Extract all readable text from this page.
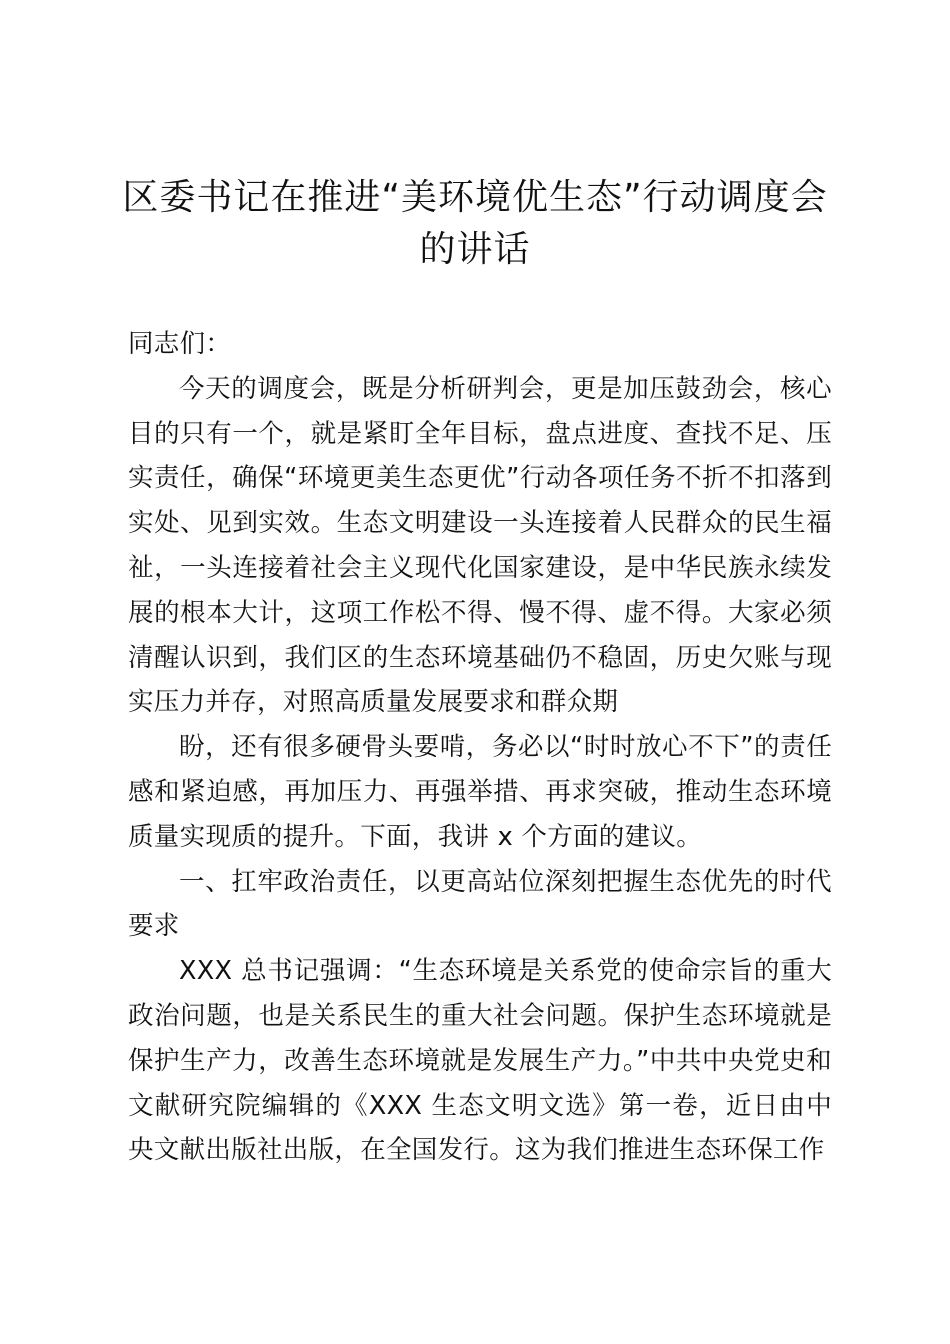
区委书记在推进“美环境优生态”行动调度会的讲话

同志们：

今天的调度会，既是分析研判会，更是加压鼓劲会，核心目的只有一个，就是紧盯全年目标，盘点进度、查找不足、压实责任，确保“环境更美生态更优”行动各项任务不折不扣落到实处、见到实效。生态文明建设一头连接着人民群众的民生福祉，一头连接着社会主义现代化国家建设，是中华民族永续发展的根本大计，这项工作松不得、慢不得、虚不得。大家必须清醒认识到，我们区的生态环境基础仍不稳固，历史欠账与现实压力并存，对照高质量发展要求和群众期

盼，还有很多硬骨头要啃，务必以“时时放心不下”的责任感和紧迫感，再加压力、再强举措、再求突破，推动生态环境质量实现质的提升。下面，我讲 x 个方面的建议。

一、扛牢政治责任，以更高站位深刻把握生态优先的时代要求

XXX 总书记强调：“生态环境是关系党的使命宗旨的重大政治问题，也是关系民生的重大社会问题。保护生态环境就是保护生产力，改善生态环境就是发展生产力。”中共中央党史和文献研究院编辑的《XXX 生态文明文选》第一卷，近日由中央文献出版社出版，在全国发行。这为我们推进生态环保工作
